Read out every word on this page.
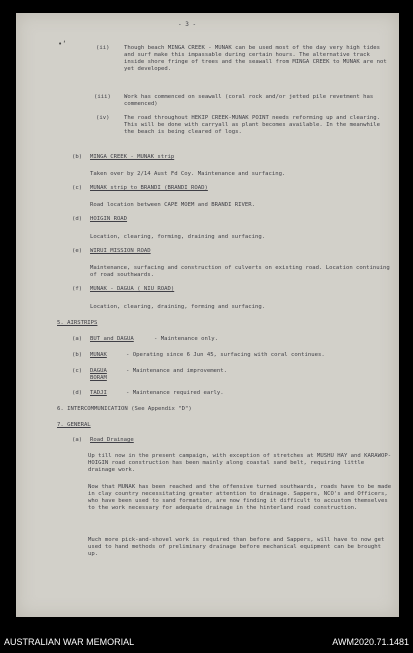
- 3 -
(ii)	Though beach MINGA CREEK - MUNAK can be used most of the day very high tides and surf make this impassable during certain hours. The alternative track inside shore fringe of trees and the seawall from MINGA CREEK to MUNAK are not yet developed.
(iii) Work has commenced on seawall (coral rock and/or jetted pile revetment has commenced)
(iv)	The road throughout HEKIP CREEK-MUNAK POINT needs reforming up and clearing. This will be done with carryall as plant becomes available. In the meanwhile the beach is being cleared of logs.
(b) MINGA CREEK - MUNAK strip
Taken over by 2/14 Aust Fd Coy. Maintenance and surfacing.
(c) MUNAK strip to BRANDI (BRANDI ROAD)
Road location between CAPE MOEM and BRANDI RIVER.
(d) HOIGIN ROAD
Location, clearing, forming, draining and surfacing.
(e) WIRUI MISSION ROAD
Maintenance, surfacing and construction of culverts on existing road. Location continuing of road southwards.
(f) MUNAK - DAGUA ( NIU ROAD)
Location, clearing, draining, forming and surfacing.
5. AIRSTRIPS
(a) BUT and DAGUA	- Maintenance only.
(b) MUNAK	- Operating since 6 Jun 45, surfacing with coral continues.
(c) DAGUA
BORAM
- Maintenance and improvement.
(d) TADJI	- Maintenance required early.
6. INTERCOMMUNICATION (See Appendix "D")
7. GENERAL
(a) Road Drainage
Up till now in the present campaign, with exception of stretches at MUSHU HAY and KARAWOP-HOIGIN road construction has been mainly along coastal sand belt, requiring little drainage work.
Now that MUNAK has been reached and the offensive turned southwards, roads have to be made in clay country necessitating greater attention to drainage. Sappers, NCO's and Officers, who have been used to sand formation, are now finding it difficult to accustom themselves to the work necessary for adequate drainage in the hinterland road construction.
Much more pick-and-shovel work is required than before and Sappers, will have to now get used to hand methods of preliminary drainage before mechanical equipment can be brought up.
•‘
AUSTRALIAN WAR MEMORIAL	AWM2020.71.1481
